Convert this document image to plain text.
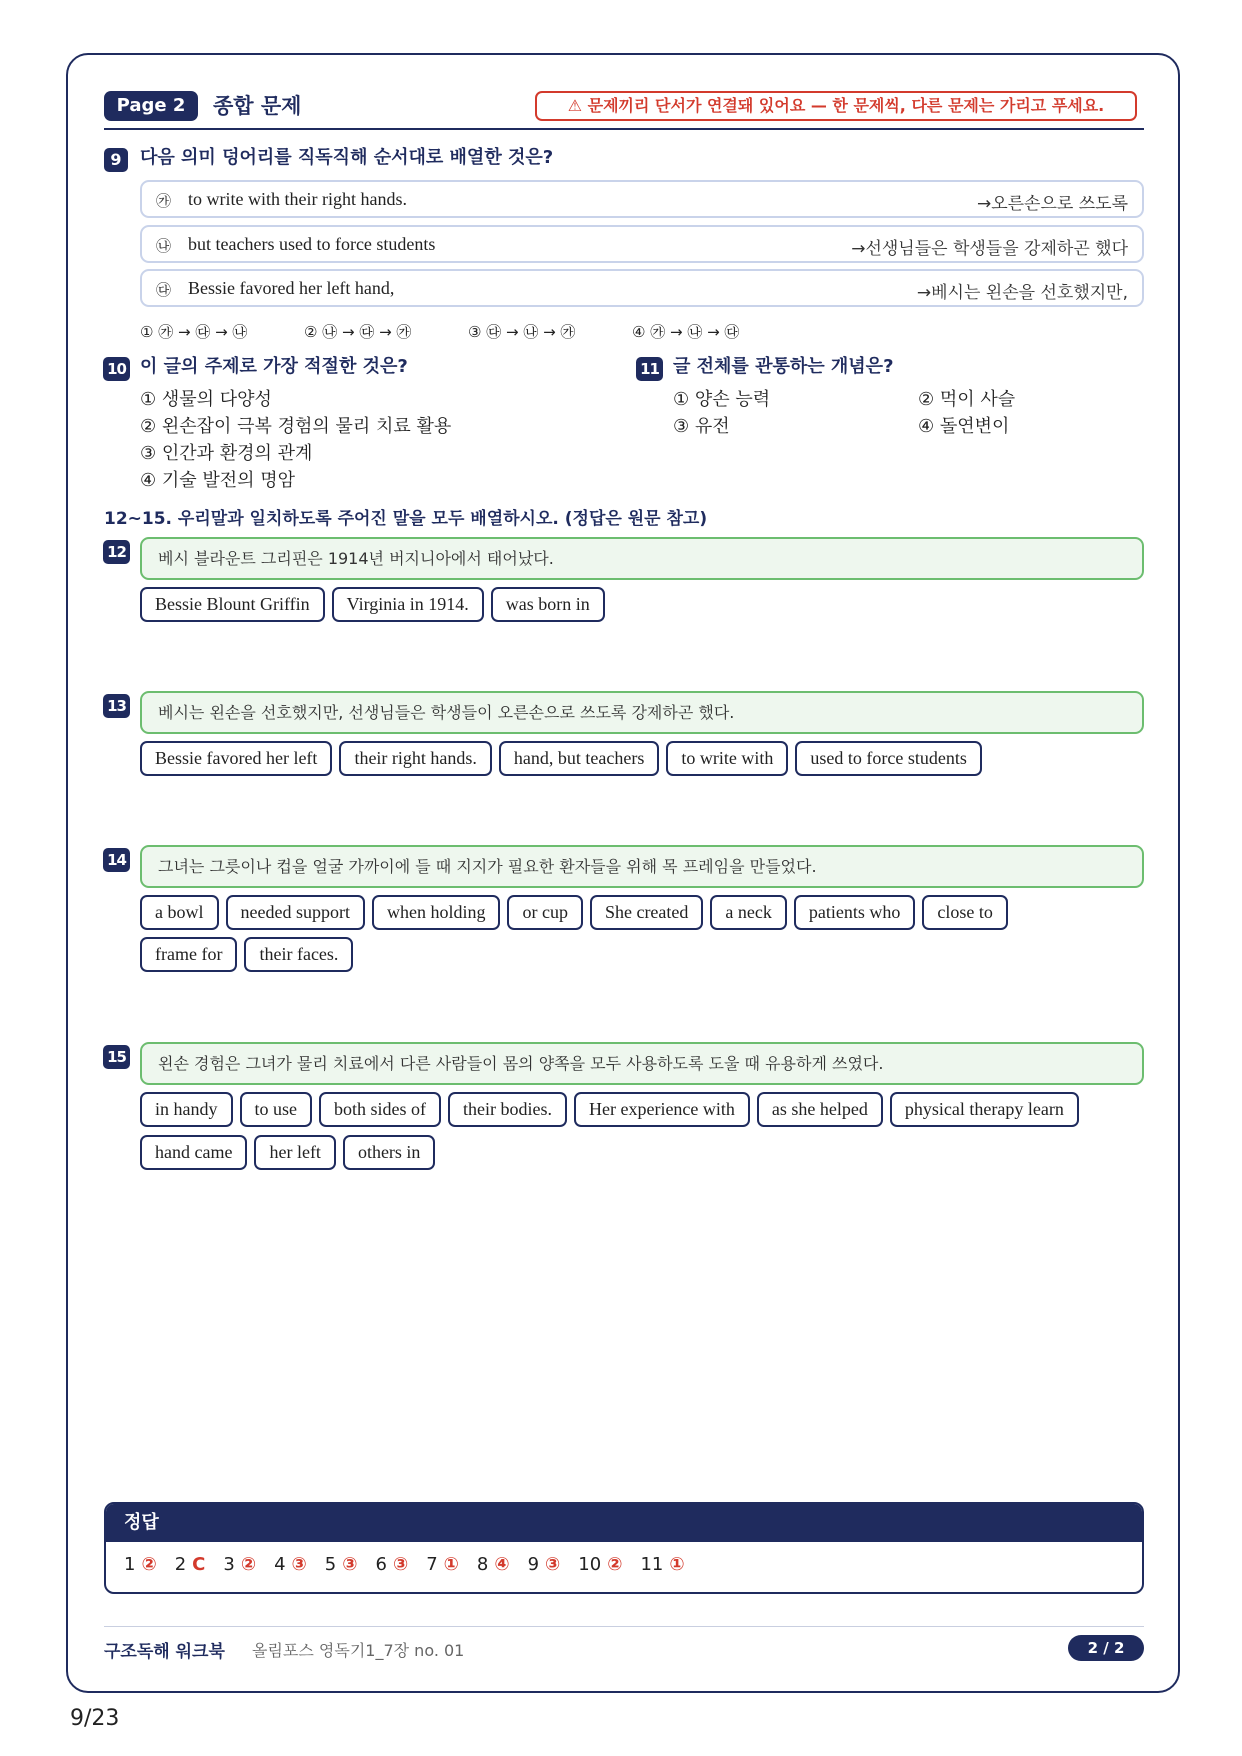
Page 2	종합 문제	⚠ 문제끼리 단서가 연결돼 있어요 — 한 문제씩, 다른 문제는 가리고 푸세요.
9	다음 의미 덩어리를 직독직해 순서대로 배열한 것은?
㉮ to write with their right hands.	→오른손으로 쓰도록
㉯ but teachers used to force students	→선생님들은 학생들을 강제하곤 했다
㉰ Bessie favored her left hand,	→베시는 왼손을 선호했지만,
① ㉮ → ㉰ → ㉯	② ㉯ → ㉰ → ㉮	③ ㉰ → ㉯ → ㉮	④ ㉮ → ㉯ → ㉰
10 이 글의 주제로 가장 적절한 것은?
① 생물의 다양성
② 왼손잡이 극복 경험의 물리 치료 활용
③ 인간과 환경의 관계
④ 기술 발전의 명암
11 글 전체를 관통하는 개념은?
① 양손 능력	② 먹이 사슬
③ 유전	④ 돌연변이
12~15. 우리말과 일치하도록 주어진 말을 모두 배열하시오. (정답은 원문 참고)
12	베시 블라운트 그리핀은 1914년 버지니아에서 태어났다.
Bessie Blount Griffin	Virginia in 1914.	was born in
13	베시는 왼손을 선호했지만, 선생님들은 학생들이 오른손으로 쓰도록 강제하곤 했다.
Bessie favored her left	their right hands.	hand, but teachers	to write with	used to force students
14	그녀는 그릇이나 컵을 얼굴 가까이에 들 때 지지가 필요한 환자들을 위해 목 프레임을 만들었다.
a bowl	needed support	when holding	or cup	She created	a neck	patients who	close to
frame for	their faces.
15	왼손 경험은 그녀가 물리 치료에서 다른 사람들이 몸의 양쪽을 모두 사용하도록 도울 때 유용하게 쓰였다.
in handy	to use	both sides of	their bodies.	Her experience with	as she helped	physical therapy learn
hand came	her left	others in
정답
1 ② 2 C 3 ② 4 ③ 5 ③ 6 ③ 7 ① 8 ④ 9 ③ 10 ② 11 ①
구조독해 워크북 올림포스 영독기1_7장 no. 01	2 / 2
9/23
